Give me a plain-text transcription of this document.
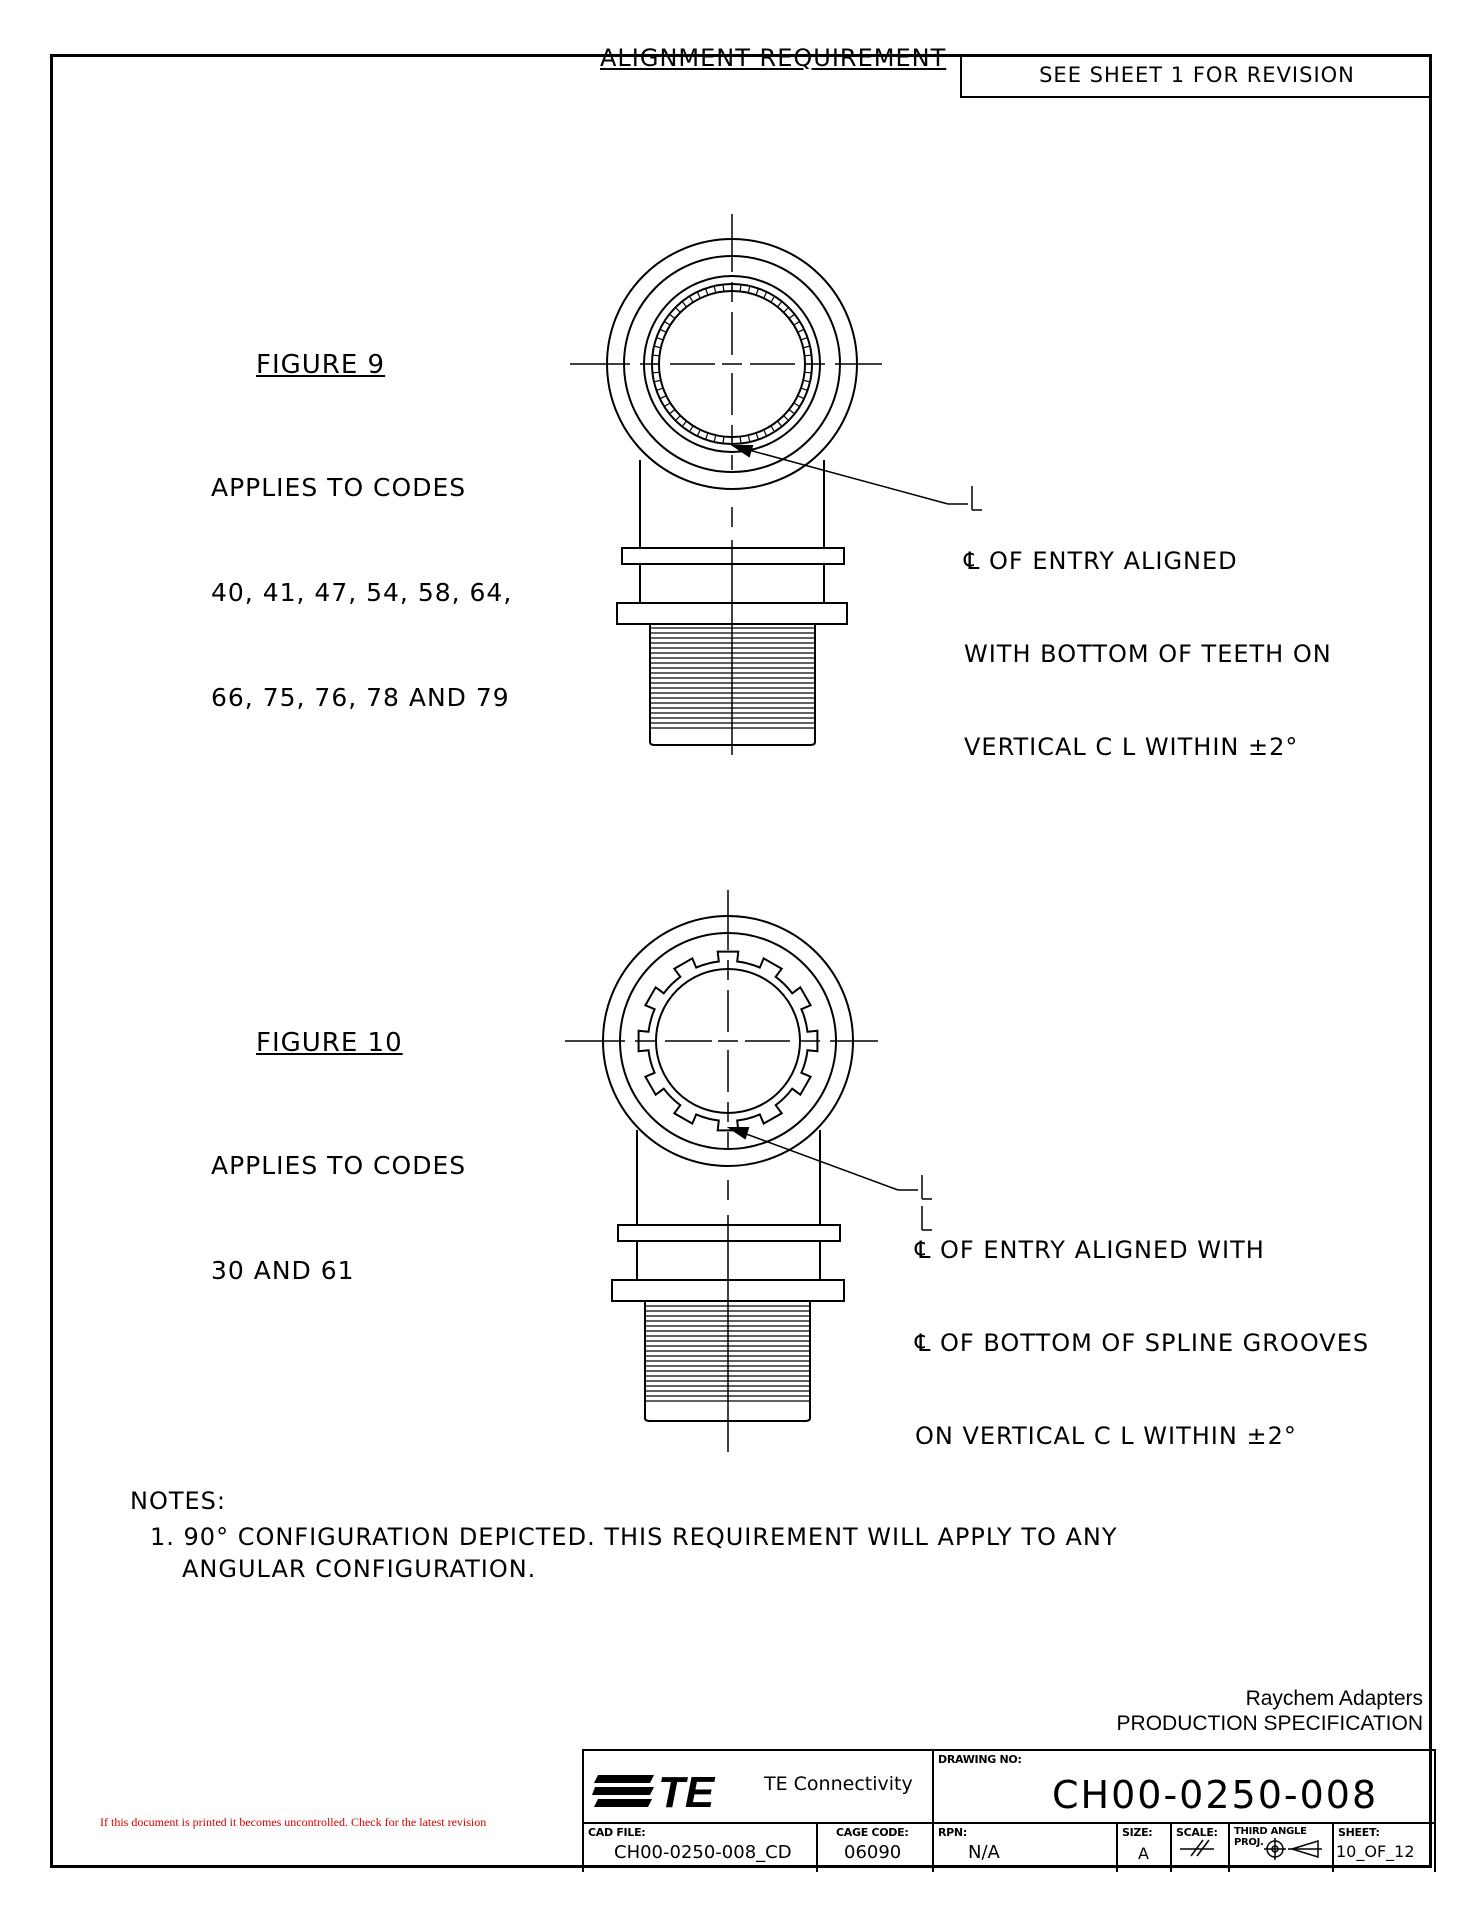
ALIGNMENT REQUIREMENT
SEE SHEET 1 FOR REVISION
FIGURE 9

APPLIES TO CODES

40, 41, 47, 54, 58, 64,

66, 75, 76, 78 AND 79

℄ OF ENTRY ALIGNED

WITH BOTTOM OF TEETH ON

VERTICAL C L WITHIN ±2°

FIGURE 10

APPLIES TO CODES

30 AND 61

℄ OF ENTRY ALIGNED WITH

℄ OF BOTTOM OF SPLINE GROOVES

ON VERTICAL C L WITHIN ±2°

NOTES:
1. 90° CONFIGURATION DEPICTED. THIS REQUIREMENT WILL APPLY TO ANY
ANGULAR CONFIGURATION.
Raychem Adapters
PRODUCTION SPECIFICATION
TE	TE Connectivity
DRAWING NO:
CH00-0250-008
CAD FILE:
CH00-0250-008_CD
CAGE CODE:
06090
RPN:
N/A
SIZE:
A
SCALE: THIRD ANGLE PROJ.
SHEET:
10_OF_12
If this document is printed it becomes uncontrolled. Check for the latest revision
